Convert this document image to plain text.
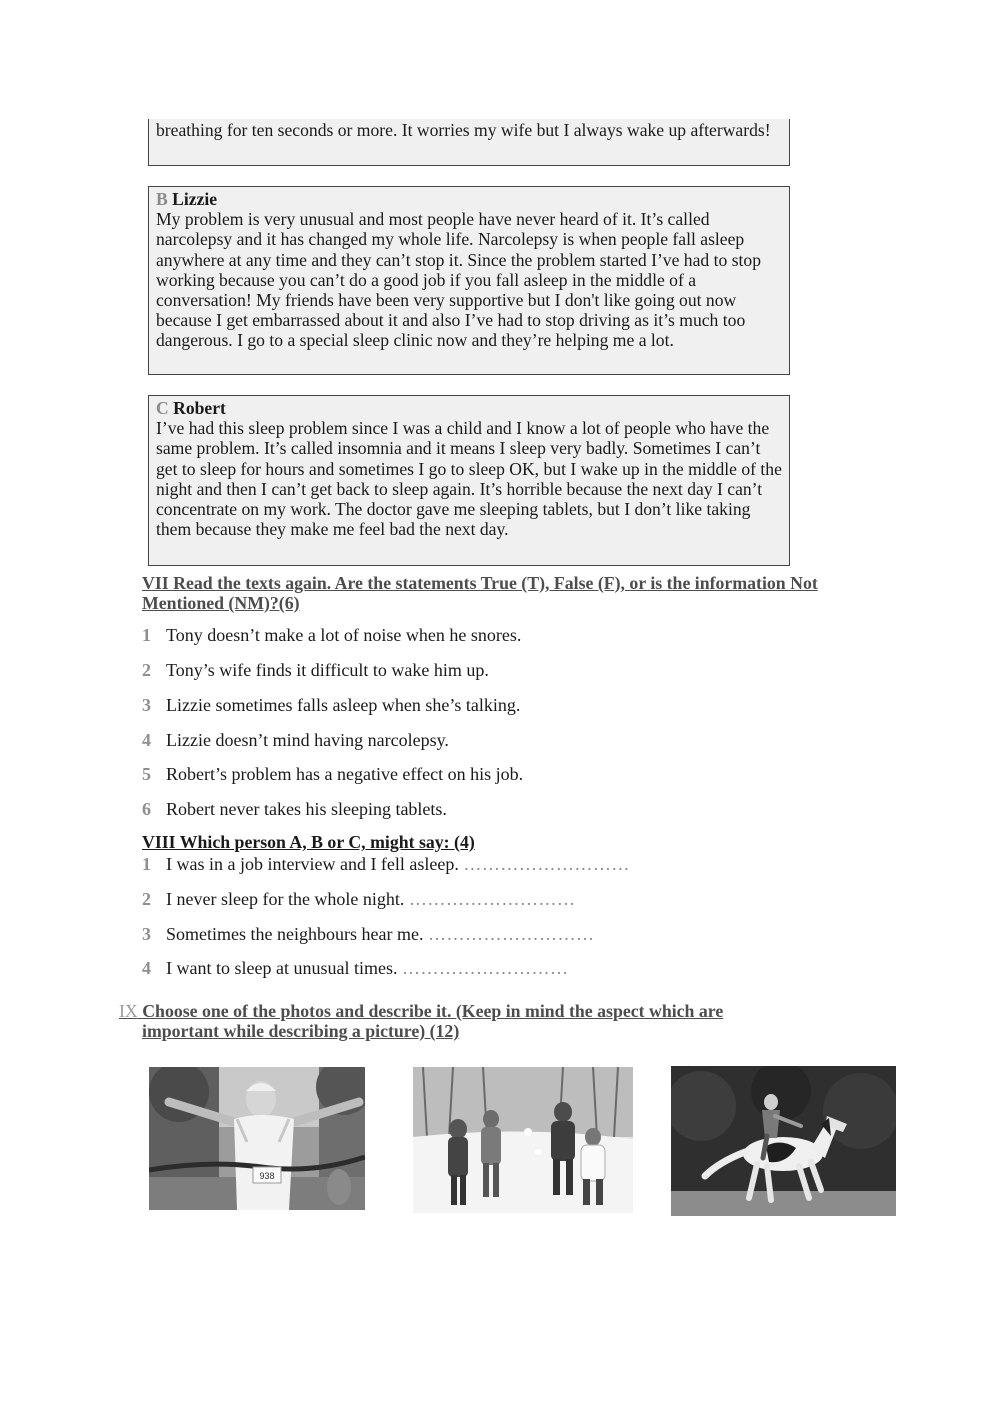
breathing for ten seconds or more. It worries my wife but I always wake up afterwards!
B Lizzie
My problem is very unusual and most people have never heard of it. It’s called narcolepsy and it has changed my whole life. Narcolepsy is when people fall asleep anywhere at any time and they can’t stop it. Since the problem started I’ve had to stop working because you can’t do a good job if you fall asleep in the middle of a conversation! My friends have been very supportive but I don't like going out now because I get embarrassed about it and also I’ve had to stop driving as it’s much too dangerous. I go to a special sleep clinic now and they’re helping me a lot.
C Robert
I’ve had this sleep problem since I was a child and I know a lot of people who have the same problem. It’s called insomnia and it means I sleep very badly. Sometimes I can’t get to sleep for hours and sometimes I go to sleep OK, but I wake up in the middle of the night and then I can’t get back to sleep again. It’s horrible because the next day I can’t concentrate on my work. The doctor gave me sleeping tablets, but I don’t like taking them because they make me feel bad the next day.
VII Read the texts again. Are the statements True (T), False (F), or is the information Not Mentioned (NM)?(6)
1 Tony doesn’t make a lot of noise when he snores.
2 Tony’s wife finds it difficult to wake him up.
3 Lizzie sometimes falls asleep when she’s talking.
4 Lizzie doesn’t mind having narcolepsy.
5 Robert’s problem has a negative effect on his job.
6 Robert never takes his sleeping tablets.
VIII Which person A, B or C, might say: (4)
1 I was in a job interview and I fell asleep. ………………………
2 I never sleep for the whole night. ………………………
3 Sometimes the neighbours hear me. ………………………
4 I want to sleep at unusual times. ………………………
IX Choose one of the photos and describe it. (Keep in mind the aspect which are
important while describing a picture) (12)
938
